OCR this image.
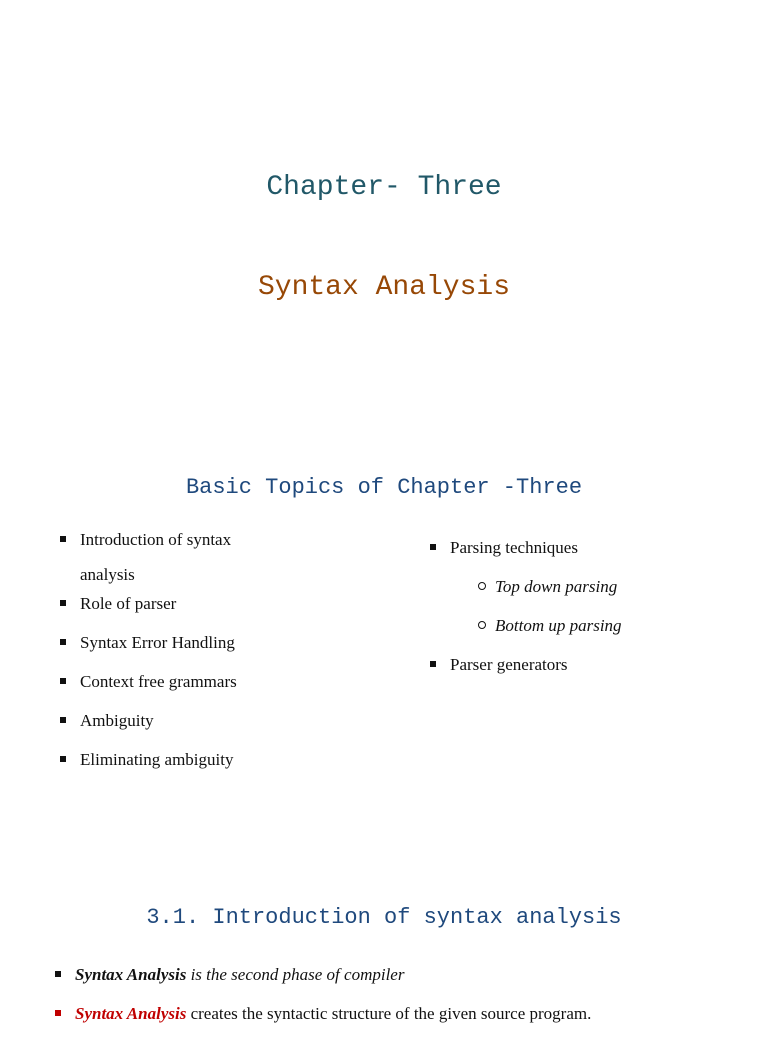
Chapter- Three
Syntax Analysis
Basic Topics of Chapter -Three
Introduction of syntax analysis
Role of parser
Syntax Error Handling
Context free grammars
Ambiguity
Eliminating ambiguity
Parsing techniques
Top down parsing
Bottom up parsing
Parser generators
3.1. Introduction of syntax analysis
Syntax Analysis is the second phase of compiler
Syntax Analysis creates the syntactic structure of the given source program.
